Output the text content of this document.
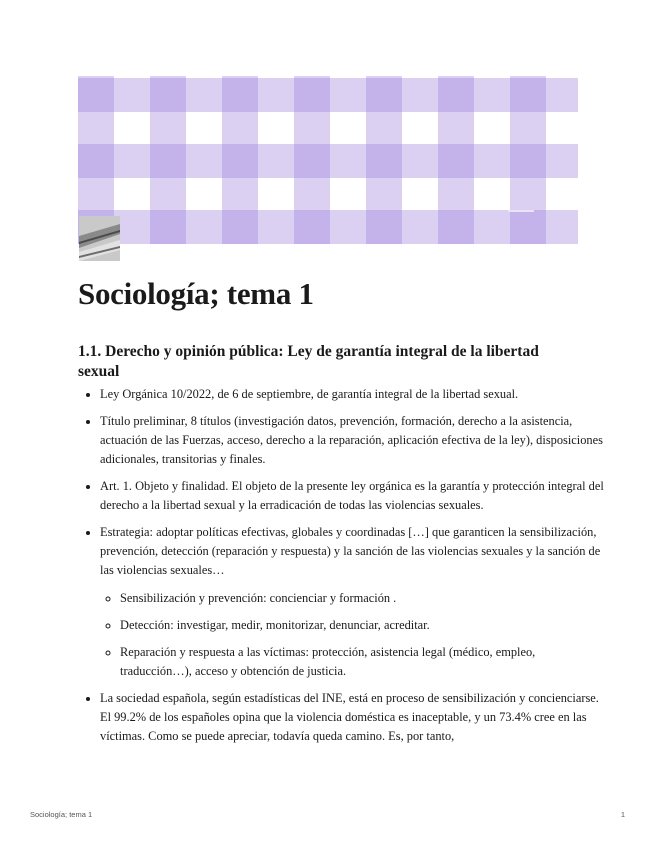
Sociología; tema 1
1.1. Derecho y opinión pública: Ley de garantía integral de la libertad sexual
• Ley Orgánica 10/2022, de 6 de septiembre, de garantía integral de la libertad sexual.
• Título preliminar, 8 títulos (investigación datos, prevención, formación, derecho a la asistencia, actuación de las Fuerzas, acceso, derecho a la reparación, aplicación efectiva de la ley), disposiciones adicionales, transitorias y finales.
• Art. 1. Objeto y finalidad. El objeto de la presente ley orgánica es la garantía y protección integral del derecho a la libertad sexual y la erradicación de todas las violencias sexuales.
• Estrategia: adoptar políticas efectivas, globales y coordinadas […] que garanticen la sensibilización, prevención, detección (reparación y respuesta) y la sanción de las violencias sexuales y la sanción de las violencias sexuales…
◦ Sensibilización y prevención: concienciar y formación .
◦ Detección: investigar, medir, monitorizar, denunciar, acreditar.
◦ Reparación y respuesta a las víctimas: protección, asistencia legal (médico, empleo, traducción…), acceso y obtención de justicia.
• La sociedad española, según estadísticas del INE, está en proceso de sensibilización y concienciarse. El 99.2% de los españoles opina que la violencia doméstica es inaceptable, y un 73.4% cree en las víctimas. Como se puede apreciar, todavía queda camino. Es, por tanto,
Sociología; tema 1	1
